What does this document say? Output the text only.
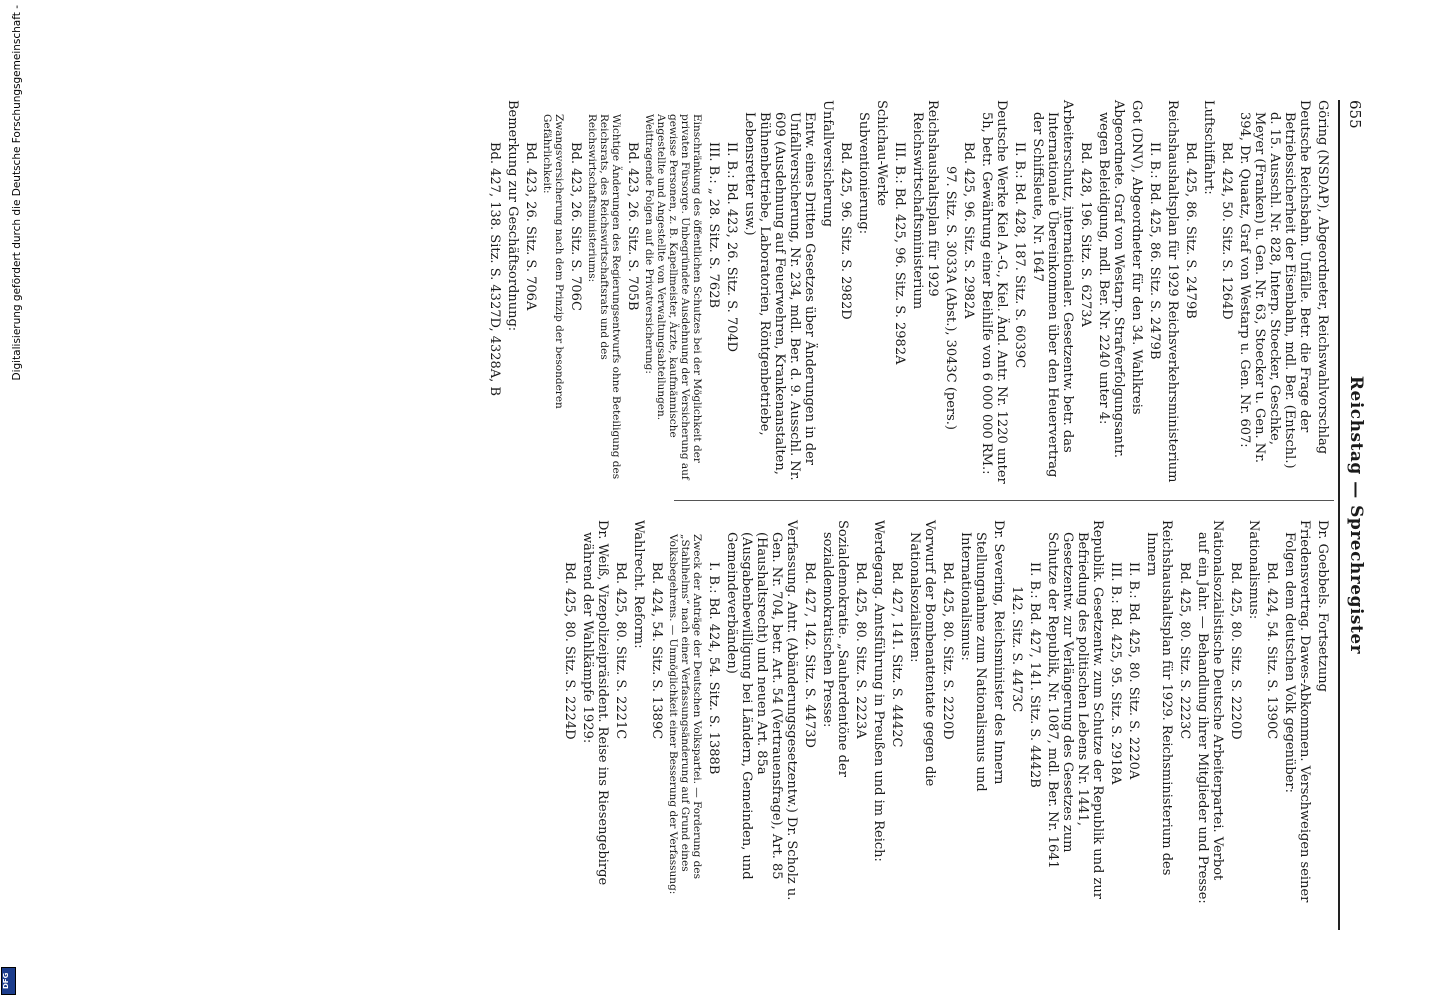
655
Reichstag — Sprechregister
Göring (NSDAP), Abgeordneter, Reichswahlvorschlag
Deutsche Reichsbahn. Unfälle. Betr. die Frage der Betriebssicherheit der Eisenbahn, mdl. Ber. (Entschl.) d. 15. Ausschl. Nr. 828, Interp. Stoecker, Geschke, Meyer (Franken) u. Gen. Nr. 63, Stoecker u. Gen. Nr. 394, Dr. Quaatz, Graf von Westarp u. Gen. Nr. 607:
Bd. 424, 50. Sitz. S. 1264D
Luftschiffahrt:
Bd. 425, 86. Sitz. S. 2479B
Reichshaushaltsplan für 1929 Reichsverkehrsministerium
II. B.: Bd. 425, 86. Sitz. S. 2479B
Got (DNV), Abgeordneter für den 34. Wahlkreis
Abgeordnete. Graf von Westarp. Strafverfolgungsantr. wegen Beleidigung, mdl. Ber. Nr. 2240 unter 4:
Bd. 428, 196. Sitz. S. 6273A
Arbeiterschutz, internationaler. Gesetzentw. betr. das Internationale Übereinkommen über den Heuervertrag der Schiffsleute, Nr. 1647
II. B.: Bd. 428, 187. Sitz. S. 6039C
Deutsche Werke Kiel A.-G., Kiel. Änd. Antr. Nr. 1220 unter 5h, betr. Gewährung einer Beihilfe von 6 000 000 RM.:
Bd. 425, 96. Sitz. S. 2982A
97. Sitz. S. 3033A (Abst.), 3043C (pers.)
Reichshaushaltsplan für 1929 Reichswirtschaftsministerium
III. B.: Bd. 425, 96. Sitz. S. 2982A
Schichau-Werke
Subventionierung:
Bd. 425, 96. Sitz. S. 2982D
Unfallversicherung
Entw. eines Dritten Gesetzes über Änderungen in der Unfallversicherung, Nr. 234, mdl. Ber. d. 9. Ausschl. Nr. 609 (Ausdehnung auf Feuerwehren, Krankenanstalten, Bühnenbetriebe, Laboratorien, Röntgenbetriebe, Lebensretter usw.)
II. B.: Bd. 423, 26. Sitz. S. 704D
III. B.: „ 28. Sitz. S. 762B
Einschränkung des öffentlichen Schutzes bei der Möglichkeit der privaten Fürsorge. Unbegründete Ausdehnung der Versicherung auf gewisse Personen, z. B. Kapellmeister, Ärzte, kaufmännische Angestellte und Angestellte von Verwaltungsabteilungen. Weittragende Folgen auf die Privatversicherung:
Bd. 423, 26. Sitz. S. 705B
Wichtige Änderungen des Regierungsentwurfs ohne Beteiligung des Reichsrats, des Reichswirtschaftsrats und des Reichswirtschaftsministeriums:
Bd. 423, 26. Sitz. S. 706C
Zwangsversicherung nach dem Prinzip der besonderen Gefährlichkeit:
Bd. 423, 26. Sitz. S. 706A
Bemerkung zur Geschäftsordnung:
Bd. 427, 138. Sitz. S. 4327D, 4328A, B
Dr. Goebbels. Fortsetzung
Friedensvertrag. Dawes-Abkommen. Verschweigen seiner Folgen dem deutschen Volk gegenüber:
Bd. 424, 54. Sitz. S. 1390C
Nationalismus:
Bd. 425, 80. Sitz. S. 2220D
Nationalsozialistische Deutsche Arbeiterpartei. Verbot auf ein Jahr. — Behandlung ihrer Mitglieder und Presse:
Bd. 425, 80. Sitz. S. 2223C
Reichshaushaltsplan für 1929. Reichsministerium des Innern
II. B.: Bd. 425, 80. Sitz. S. 2220A
III. B.: Bd. 425, 95. Sitz. S. 2918A
Republik. Gesetzentw. zum Schutze der Republik und zur Befriedung des politischen Lebens Nr. 1441, Gesetzentw. zur Verlängerung des Gesetzes zum Schutze der Republik, Nr. 1087, mdl. Ber. Nr. 1641
II. B.: Bd. 427, 141. Sitz. S. 4442B
142. Sitz. S. 4473C
Dr. Severing, Reichsminister des Innern
Stellungnahme zum Nationalismus und Internationalismus:
Bd. 425, 80. Sitz. S. 2220D
Vorwurf der Bombenattentate gegen die Nationalsozialisten:
Bd. 427, 141. Sitz. S. 4442C
Werdegang. Amtsführung in Preußen und im Reich:
Bd. 425, 80. Sitz. S. 2223A
Sozialdemokratie. „Sauherdentöne der sozialdemokratischen Presse:
Bd. 427, 142. Sitz. S. 4473D
Verfassung. Antr. (Abänderungsgesetzentw.) Dr. Scholz u. Gen. Nr. 704, betr. Art. 54 (Vertrauensfrage), Art. 85 (Haushaltsrecht) und neuen Art. 85a (Ausgabenbewilligung bei Ländern, Gemeinden, und Gemeindeverbänden)
I. B.: Bd. 424, 54. Sitz. S. 1388B
Zweck der Anträge der Deutschen Volkspartei. — Forderung des „Stahlhelms“ nach einer Verfassungsänderung auf Grund eines Volksbegehrens. — Unmöglichkeit einer Besserung der Verfassung:
Bd. 424, 54. Sitz. S. 1389C
Wahlrecht. Reform:
Bd. 425, 80. Sitz. S. 2221C
Dr. Weiß, Vizepolizeipräsident. Reise ins Riesengebirge während der Wahlkämpfe 1929:
Bd. 425, 80. Sitz. S. 2224D
Digitalisierung gefördert durch die Deutsche Forschungsgemeinschaft -
DFG
